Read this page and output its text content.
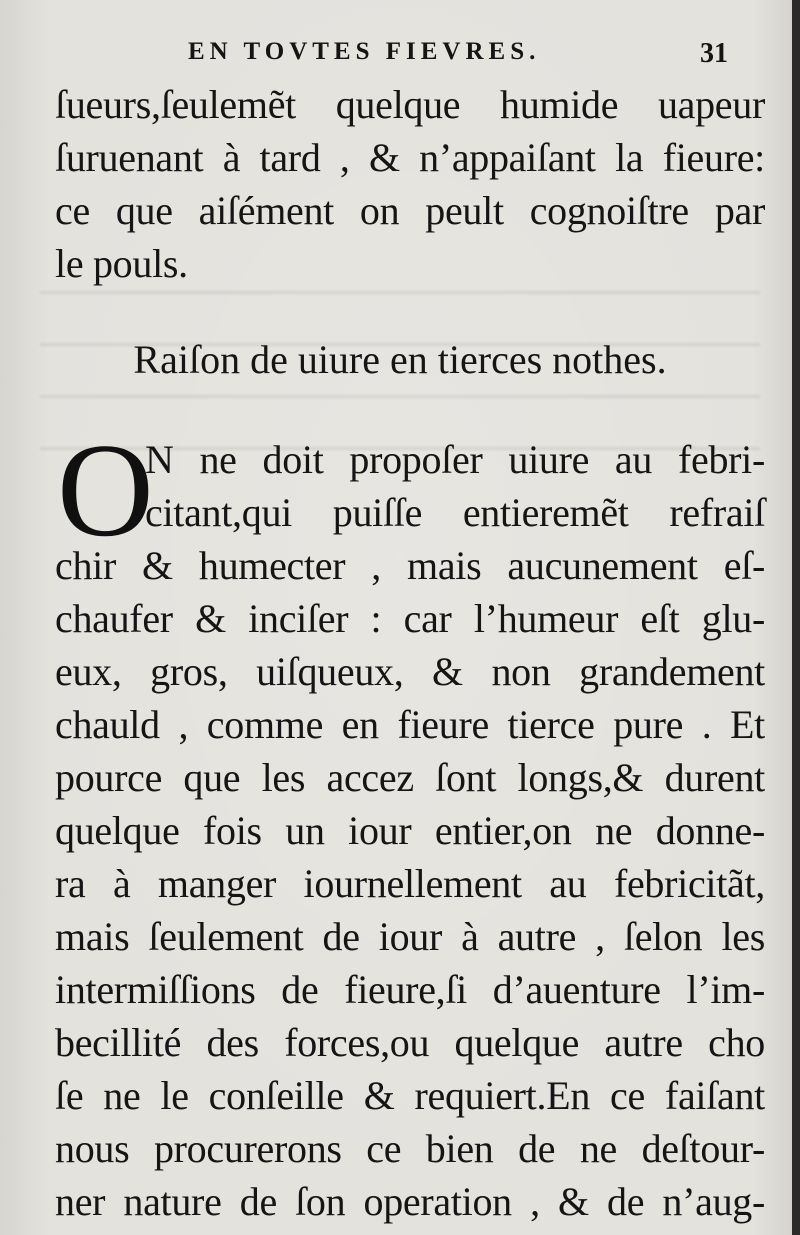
EN TOVTES FIEVRES.	31
ſueurs,ſeulemẽt quelque humide uapeur
ſuruenant à tard , & n’appaiſant la fieure:
ce que aiſément on peult cognoiſtre par
le pouls.
Raiſon de uiure en tierces nothes.
O
N ne doit propoſer uiure au febri-
citant,qui puiſſe entieremẽt refraiſ
chir & humecter , mais aucunement eſ-
chaufer & inciſer : car l’humeur eſt glu-
eux, gros, uiſqueux, & non grandement
chauld , comme en fieure tierce pure . Et
pource que les accez ſont longs,& durent
quelque fois un iour entier,on ne donne-
ra à manger iournellement au febricitãt,
mais ſeulement de iour à autre , ſelon les
intermiſſions de fieure,ſi d’auenture l’im-
becillité des forces,ou quelque autre cho
ſe ne le conſeille & requiert.En ce faiſant
nous procurerons ce bien de ne deſtour-
ner nature de ſon operation , & de n’aug-
